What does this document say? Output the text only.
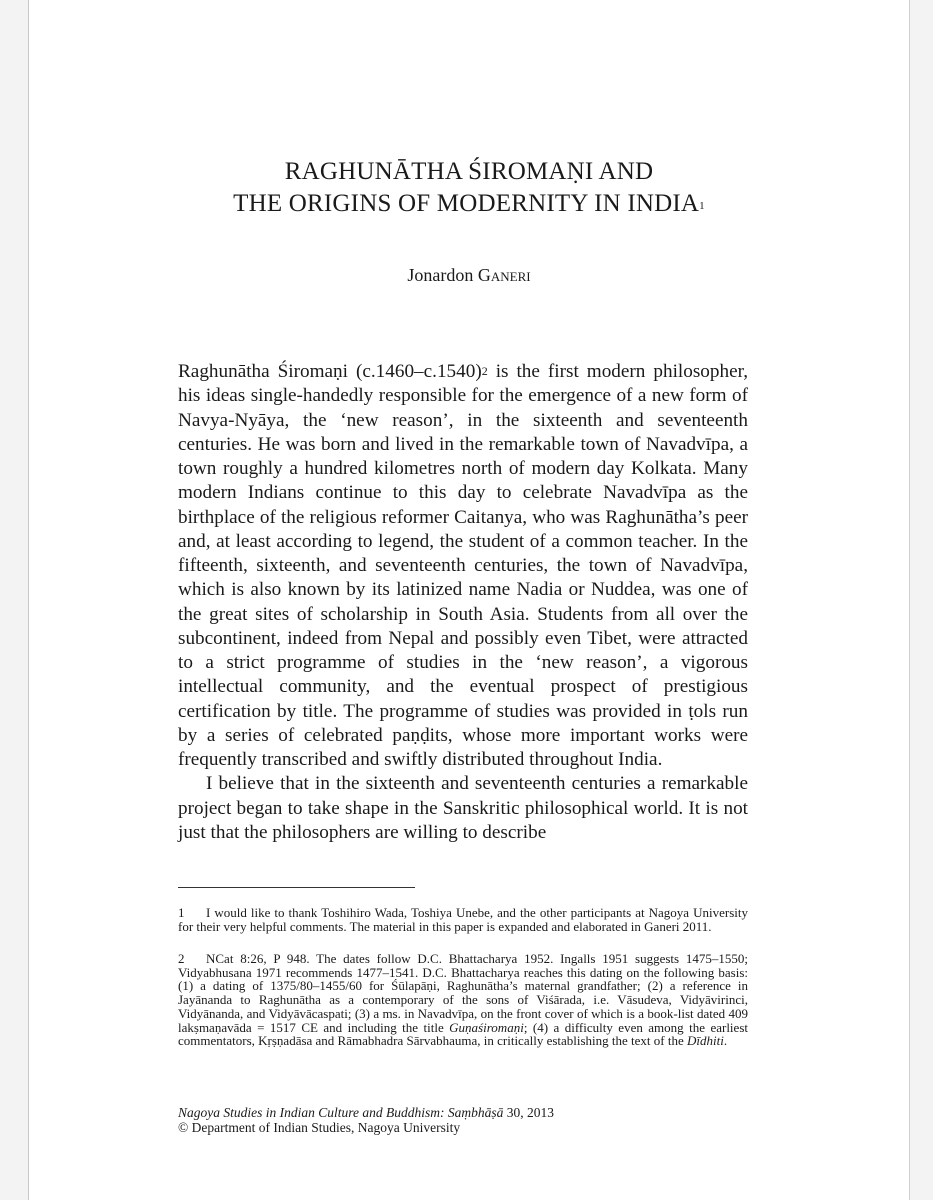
RAGHUNĀTHA ŚIROMAṆI AND
THE ORIGINS OF MODERNITY IN INDIA$^1$
Jonardon Ganeri

Raghunātha Śiromaṇi $(c.1460-c.1540)^2$ is the first modern philosopher, his ideas single-handedly responsible for the emergence of a new form of Navya-Nyāya, the ‘new reason’, in the sixteenth and seventeenth centuries. He was born and lived in the remarkable town of Navadvīpa, a town roughly a hundred kilometres north of modern day Kolkata. Many modern Indians continue to this day to celebrate Navadvīpa as the birthplace of the religious reformer Caitanya, who was Raghunātha’s peer and, at least according to legend, the student of a common teacher. In the fifteenth, sixteenth, and seventeenth centuries, the town of Navadvīpa, which is also known by its latinized name Nadia or Nuddea, was one of the great sites of scholarship in South Asia. Students from all over the subcontinent, indeed from Nepal and possibly even Tibet, were attracted to a strict programme of studies in the ‘new reason’, a vigorous intellectual community, and the eventual prospect of prestigious certification by title. The programme of studies was provided in ṭols run by a series of celebrated paṇḍits, whose more important works were frequently transcribed and swiftly distributed throughout India.

I believe that in the sixteenth and seventeenth centuries a remarkable project began to take shape in the Sanskritic philosophical world. It is not just that the philosophers are willing to describe

1 I would like to thank Toshihiro Wada, Toshiya Unebe, and the other participants at Nagoya University for their very helpful comments. The material in this paper is expanded and elaborated in Ganeri 2011.
2 NCat 8:26, P 948. The dates follow D.C. Bhattacharya 1952. Ingalls 1951 suggests 1475–1550; Vidyabhusana 1971 recommends 1477–1541. D.C. Bhattacharya reaches this dating on the following basis: (1) a dating of 1375/80–1455/60 for Śūlapāṇi, Raghunātha’s maternal grandfather; (2) a reference in Jayānanda to Raghunātha as a contemporary of the sons of Viśārada, i.e. Vāsudeva, Vidyāvirinci, Vidyānanda, and Vidyāvācaspati; (3) a ms. in Navadvīpa, on the front cover of which is a book-list dated 409 lakṣmaṇavāda = 1517 CE and including the title Guṇaśiromaṇi; (4) a difficulty even among the earliest commentators, Kṛṣṇadāsa and Rāmabhadra Sārvabhauma, in critically establishing the text of the Dīdhiti.
Nagoya Studies in Indian Culture and Buddhism: Saṃbhāṣā 30, 2013
© Department of Indian Studies, Nagoya University
